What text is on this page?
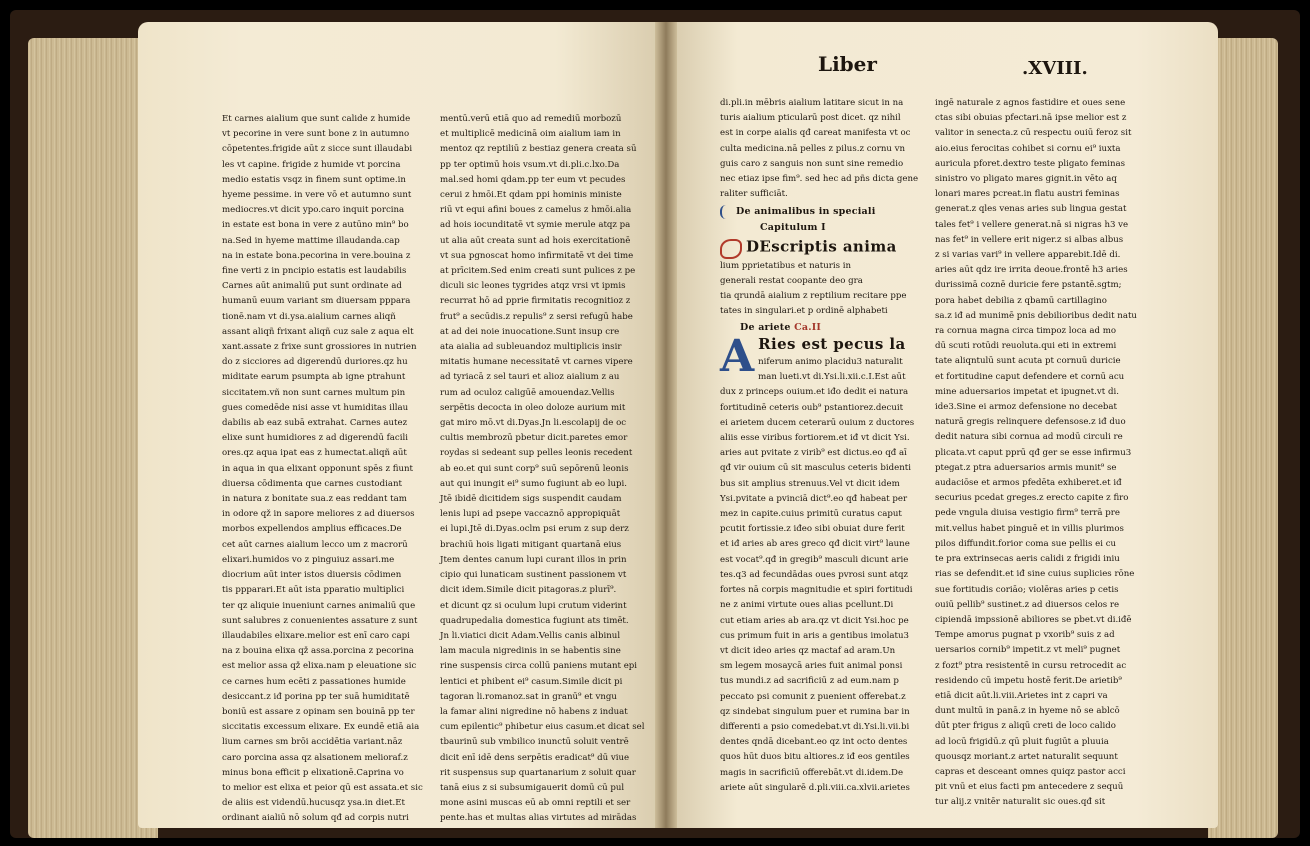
Liber	.XVIII.
Et carnes aialium que sunt calide z humide
vt pecorine in vere sunt bone z in autumno
cōpetentes.frigide aūt z sicce sunt illaudabi
les vt capine. frigide z humide vt porcina
medio estatis vsqz in finem sunt optime.in
hyeme pessime. in vere vō et autumno sunt
mediocres.vt dicit ypo.caro inquit porcina
in estate est bona in vere z autūno min⁹ bo
na.Sed in hyeme mattime illaudanda.cap
na in estate bona.pecorina in vere.bouina z
fine verti z in pncipio estatis est laudabilis
Carnes aūt animaliū put sunt ordinate ad
humanū euum variant sm diuersam pppara
tionē.nam vt di.ysa.aialium carnes aliqñ
assant aliqñ frixant aliqñ cuz sale z aqua elt
xant.assate z frixe sunt grossiores in nutrien
do z sicciores ad digerendū duriores.qz hu
miditate earum psumpta ab igne ptrahunt
siccitatem.vñ non sunt carnes multum pin
gues comedēde nisi asse vt humiditas illau
dabilis ab eaz subā extrahat. Carnes autez
elixe sunt humidiores z ad digerendū facili
ores.qz aqua ipat eas z humectat.aliqñ aūt
in aqua in qua elixant opponunt spēs z fiunt
diuersa cōdimenta que carnes custodiant
in natura z bonitate sua.z eas reddant tam
in odore qž in sapore meliores z ad diuersos
morbos expellendos amplius efficaces.De
cet aūt carnes aialium lecco um z macrorū
elixari.humidos vo z pinguiuz assari.me
diocrium aūt inter istos diuersis cōdimen
tis ppparari.Et aūt ista pparatio multiplici
ter qz aliquie inueniunt carnes animaliū que
sunt salubres z conuenientes assature z sunt
illaudabiles elixare.melior est enī caro capi
na z bouina elixa qž assa.porcina z pecorina
est melior assa qž elixa.nam p eleuatione sic
ce carnes hum ecēti z passationes humide
desiccant.z iđ porina pp ter suā humiditatē
boniū est assare z opinam sen bouinā pp ter
siccitatis excessum elixare. Ex eundē etiā aia
lium carnes sm brōi accidētia variant.nāz
caro porcina assa qz alsationem melioraf.z
minus bona efficit p elixationē.Caprina vo
to melior est elixa et peior qū est assata.et sic
de aliis est videndū.hucusqz ysa.in diet.Et
ordinant aialiū nō solum qđ ad corpis nutri
mentū.verū etiā quo ad remediū morbozū
et multiplicē medicinā oim aialium iam in
mentoz qz reptiliū z bestiaz genera creata sū
pp ter optimū hois vsum.vt di.pli.c.lxo.Da
mal.sed homi qdam.pp ter eum vt pecudes
cerui z hmōi.Et qdam ppi hominis ministe
riū vt equi afini boues z camelus z hmōi.alia
ad hois iocunditatē vt symie merule atqz pa
ut alia aūt creata sunt ad hois exercitationē
vt sua pgnoscat homo infirmitatē vt dei time
at prīcitem.Sed enim creati sunt pulices z pe
diculi sic leones tygrides atqz vrsi vt ipmis
recurrat hō ad pprie firmitatis recognitioz z
frut⁹ a secūdis.z repulis⁹ z sersi refugū habe
at ad dei noie inuocatione.Sunt insup cre
ata aialia ad subleuandoz multiplicis insir
mitatis humane necessitatē vt carnes vipere
ad tyriacā z sel tauri et alioz aialium z au
rum ad oculoz caligūē amouendaz.Vellis
serpētis decocta in oleo doloze aurium mit
gat miro mō.vt di.Dyas.Jn li.escolapij de oc
cultis membrozū pbetur dicit.paretes emor
roydas si sedeant sup pelles leonis recedent
ab eo.et qui sunt corp⁹ suū sepōrenū leonis
aut qui inungit ei⁹ sumo fugiunt ab eo lupi.
Jtē ibidē dicitidem sigs suspendit caudam
lenis lupi ad psepe vaccaznō appropiquāt
ei lupi.Jtē di.Dyas.oclm psi erum z sup derz
brachiū hois ligati mitigant quartanā eius
Jtem dentes canum lupi curant illos in prin
cipio qui lunaticam sustinent passionem vt
dicit idem.Simile dicit pitagoras.z plurī⁹.
et dicunt qz si oculum lupi crutum viderint
quadrupedalia domestica fugiunt ats timēt.
Jn li.viatici dicit Adam.Vellis canis albinul
lam macula nigredinis in se habentis sine
rine suspensis circa collū paniens mutant epi
lentici et phibent ei⁹ casum.Simile dicit pi
tagoran li.romanoz.sat in granū⁹ et vngu
la famar alini nigredine nō habens z induat
cum epilentic⁹ phibetur eius casum.et dicat sel
tbaurinū sub vmbilico inunctū soluit ventrē
dicit enī idē dens serpētis eradicat⁹ dū viue
rit suspensus sup quartanarium z soluit quar
tanā eius z si subsumigauerit domū cū pul
mone asini muscas eū ab omni reptili et ser
pente.has et multas alias virtutes ad mirādas
di.pli.in mēbris aialium latitare sicut in na
turis aialium pticularū post dicet. qz nihil
est in corpe aialis qđ careat manifesta vt oc
culta medicina.nā pelles z pilus.z cornu vn
guis caro z sanguis non sunt sine remedio
nec etiaz ipse fim⁹. sed hec ad pñs dicta gene
raliter sufficiāt.
De animalibus in speciali
Capitulum I
DEscriptis anima
lium pprietatibus et naturis in
generali restat coopante deo gra
tia qrundā aialium z reptilium recitare ppe
tates in singulari.et p ordinē alphabeti
De ariete Ca.II
A Ries est pecus la
niferum animo placidu3 naturalit
man lueti.vt di.Ysi.li.xii.c.I.Est aūt
dux z princeps ouium.et iđo dedit ei natura
fortitudinē ceteris oub⁹ pstantiorez.decuit
ei arietem ducem ceterarū ouium z ductores
aliis esse viribus fortiorem.et iđ vt dicit Ysi.
aries aut pvitate z virib⁹ est dictus.eo qđ aī
qđ vir ouium cū sit masculus ceteris bidenti
bus sit amplius strenuus.Vel vt dicit idem
Ysi.pvitate a pvinciā dict⁹.eo qđ habeat per
mez in capite.cuius primitū curatus caput
pcutit fortissie.z iđeo sibi obuiat dure ferit
et iđ aries ab ares greco qđ dicit virt⁹ laune
est vocat⁹.qđ in gregib⁹ masculi dicunt arie
tes.q3 ad fecundādas oues pvrosi sunt atqz
fortes nā corpis magnitudie et spiri fortitudi
ne z animi virtute oues alias pcellunt.Di
cut etiam aries ab ara.qz vt dicit Ysi.hoc pe
cus primum fuit in aris a gentibus imolatu3
vt dicit ideo aries qz mactaf ad aram.Un
sm legem mosaycā aries fuit animal ponsi
tus mundi.z ad sacrificiū z ad eum.nam p
peccato psi comunit z puenient offerebat.z
qz sindebat singulum puer et rumina bar in
differenti a psio comedebat.vt di.Ysi.li.vii.bi
dentes qndā dicebant.eo qz int octo dentes
quos hūt duos bitu altiores.z iđ eos gentiles
magis in sacrificiū offerebāt.vt di.idem.De
ariete aūt singularē d.pli.viii.ca.xlvii.arietes
ingē naturale z agnos fastidire et oues sene
ctas sibi obuias pfectari.nā ipse melior est z
valitor in senecta.z cū respectu ouiū feroz sit
aio.eius ferocitas cohibet si cornu ei⁹ iuxta
auricula pforet.dextro teste pligato feminas
sinistro vo pligato mares gignit.in vēto aq
lonari mares pcreat.in flatu austri feminas
generat.z qles venas aries sub lingua gestat
tales fet⁹ i vellere generat.nā si nigras h3 ve
nas fet⁹ in vellere erit niger.z si albas albus
z si varias vari⁹ in vellere apparebit.Idē di.
aries aūt qdz ire irrita deoue.frontē h3 aries
durissimā coznē duricie fere pstantē.sgtm;
pora habet debilia z qbamū cartillagino
sa.z iđ ad munimē pnis debilioribus dedit natu
ra cornua magna circa timpoz loca ad mo
dū scuti rotūdi reuoluta.qui eti in extremi
tate aliqntulū sunt acuta pt cornuū duricie
et fortitudine caput defendere et cornū acu
mine aduersarios impetat et ipugnet.vt di.
ide3.Sine ei armoz defensione no decebat
naturā gregis relinquere defensose.z iđ duo
dedit natura sibi cornua ad modū circuli re
plicata.vt caput pprū qđ ger se esse infirmu3
ptegat.z ptra aduersarios armis munit⁹ se
audaciōse et armos pfedēta exhiberet.et iđ
securius pcedat greges.z erecto capite z firo
pede vngula diuisa vestigio firm⁹ terrā pre
mit.vellus habet pinguē et in villis plurimos
pilos diffundit.forior coma sue pellis ei cu
te pra extrinsecas aeris calidi z frigidi iniu
rias se defendit.et iđ sine cuius suplicies rōne
sue fortitudis coriāo; violēras aries p cetis
ouiū pellib⁹ sustinet.z ad diuersos celos re
cipiendā impssionē abiliores se pbet.vt di.iđē
Tempe amorus pugnat p vxorib⁹ suis z ad
uersarios cornib⁹ impetit.z vt meli⁹ pugnet
z fozt⁹ ptra resistentē in cursu retrocedit ac
residendo cū impetu hostē ferit.De arietib⁹
etiā dicit aūt.li.viii.Arietes int z capri va
dunt multū in panā.z in hyeme nō se ablcō
dūt pter frigus z aliqū creti de loco calido
ad locū frigidū.z qū pluit fugiūt a pluuia
quousqz moriant.z artet naturalit sequunt
capras et desceant omnes quiqz pastor acci
pit vnū et eius facti pm antecedere z sequū
tur alij.z vnitēr naturalit sic oues.qđ sit
